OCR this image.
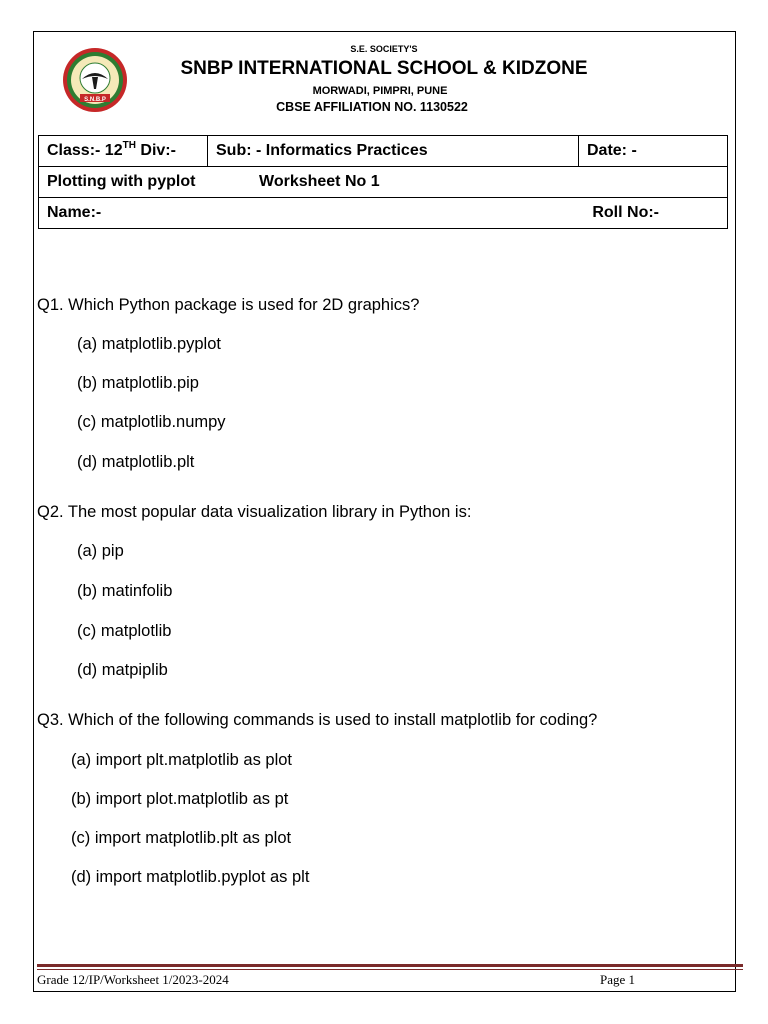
S.N.B.P
S.E. SOCIETY'S
SNBP INTERNATIONAL SCHOOL & KIDZONE
MORWADI, PIMPRI, PUNE
CBSE AFFILIATION NO. 1130522
Class:- 12TH Div:-	Sub: - Informatics Practices	Date: -
Plotting with pyplot	Worksheet No 1

Name:-	Roll No:-
Q1. Which Python package is used for 2D graphics?
(a) matplotlib.pyplot
(b) matplotlib.pip
(c) matplotlib.numpy
(d) matplotlib.plt
Q2. The most popular data visualization library in Python is:
(a) pip
(b) matinfolib
(c) matplotlib
(d) matpiplib
Q3. Which of the following commands is used to install matplotlib for coding?
(a) import plt.matplotlib as plot
(b) import plot.matplotlib as pt
(c) import matplotlib.plt as plot
(d) import matplotlib.pyplot as plt
Grade 12/IP/Worksheet 1/2023-2024	Page 1
